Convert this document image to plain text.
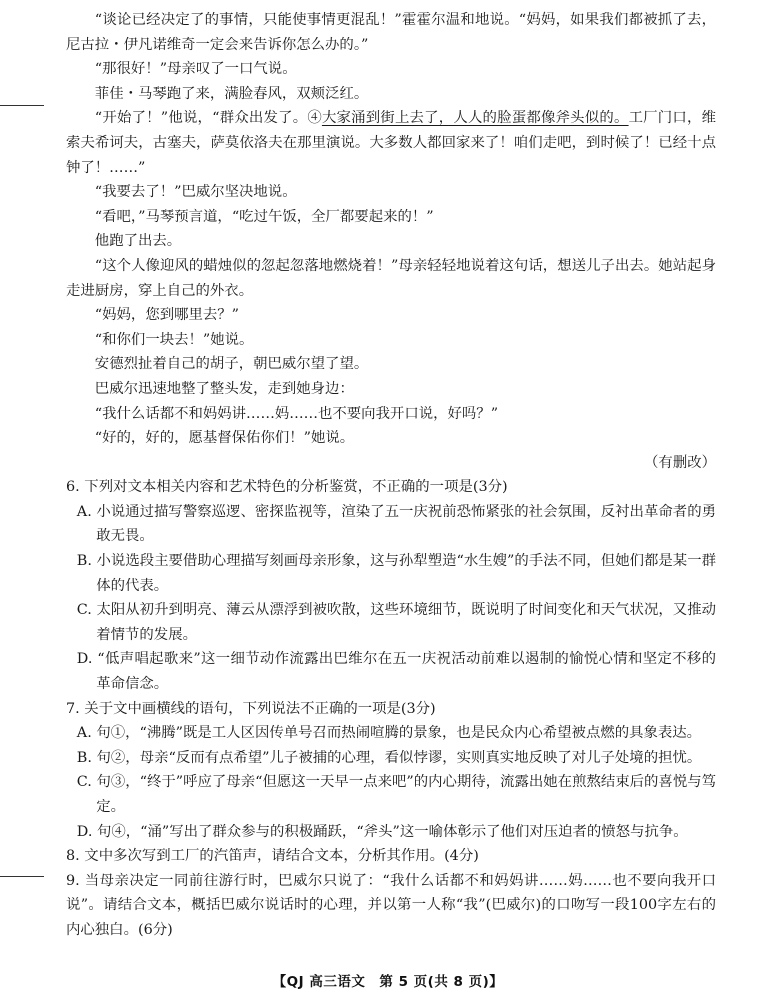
“谈论已经决定了的事情，只能使事情更混乱！”霍霍尔温和地说。“妈妈，如果我们都被抓了去，尼古拉・伊凡诺维奇一定会来告诉你怎么办的。”

“那很好！”母亲叹了一口气说。

菲佳・马琴跑了来，满脸春风，双颊泛红。

“开始了！”他说，“群众出发了。④大家涌到街上去了，人人的脸蛋都像斧头似的。工厂门口，维索夫希诃夫，古塞夫，萨莫依洛夫在那里演说。大多数人都回家来了！咱们走吧，到时候了！已经十点钟了！……”

“我要去了！”巴威尔坚决地说。

“看吧，”马琴预言道，“吃过午饭，全厂都要起来的！”

他跑了出去。

“这个人像迎风的蜡烛似的忽起忽落地燃烧着！”母亲轻轻地说着这句话，想送儿子出去。她站起身走进厨房，穿上自己的外衣。

“妈妈，您到哪里去？”

“和你们一块去！”她说。

安德烈扯着自己的胡子，朝巴威尔望了望。

巴威尔迅速地整了整头发，走到她身边：

“我什么话都不和妈妈讲……妈……也不要向我开口说，好吗？”

“好的，好的，愿基督保佑你们！”她说。

（有删改）

6. 下列对文本相关内容和艺术特色的分析鉴赏，不正确的一项是(3分)

A. 小说通过描写警察巡逻、密探监视等，渲染了五一庆祝前恐怖紧张的社会氛围，反衬出革命者的勇敢无畏。

B. 小说选段主要借助心理描写刻画母亲形象，这与孙犁塑造“水生嫂”的手法不同，但她们都是某一群体的代表。

C. 太阳从初升到明亮、薄云从漂浮到被吹散，这些环境细节，既说明了时间变化和天气状况，又推动着情节的发展。

D. “低声唱起歌来”这一细节动作流露出巴维尔在五一庆祝活动前难以遏制的愉悦心情和坚定不移的革命信念。

7. 关于文中画横线的语句，下列说法不正确的一项是(3分)

A. 句①，“沸腾”既是工人区因传单号召而热闹喧腾的景象，也是民众内心希望被点燃的具象表达。

B. 句②，母亲“反而有点希望”儿子被捕的心理，看似悖谬，实则真实地反映了对儿子处境的担忧。

C. 句③，“终于”呼应了母亲“但愿这一天早一点来吧”的内心期待，流露出她在煎熬结束后的喜悦与笃定。

D. 句④，“涌”写出了群众参与的积极踊跃，“斧头”这一喻体彰示了他们对压迫者的愤怒与抗争。

8. 文中多次写到工厂的汽笛声，请结合文本，分析其作用。(4分)

9. 当母亲决定一同前往游行时，巴威尔只说了：“我什么话都不和妈妈讲……妈……也不要向我开口说”。请结合文本，概括巴威尔说话时的心理，并以第一人称“我”(巴威尔)的口吻写一段100字左右的内心独白。(6分)

【QJ 高三语文　第 5 页(共 8 页)】
